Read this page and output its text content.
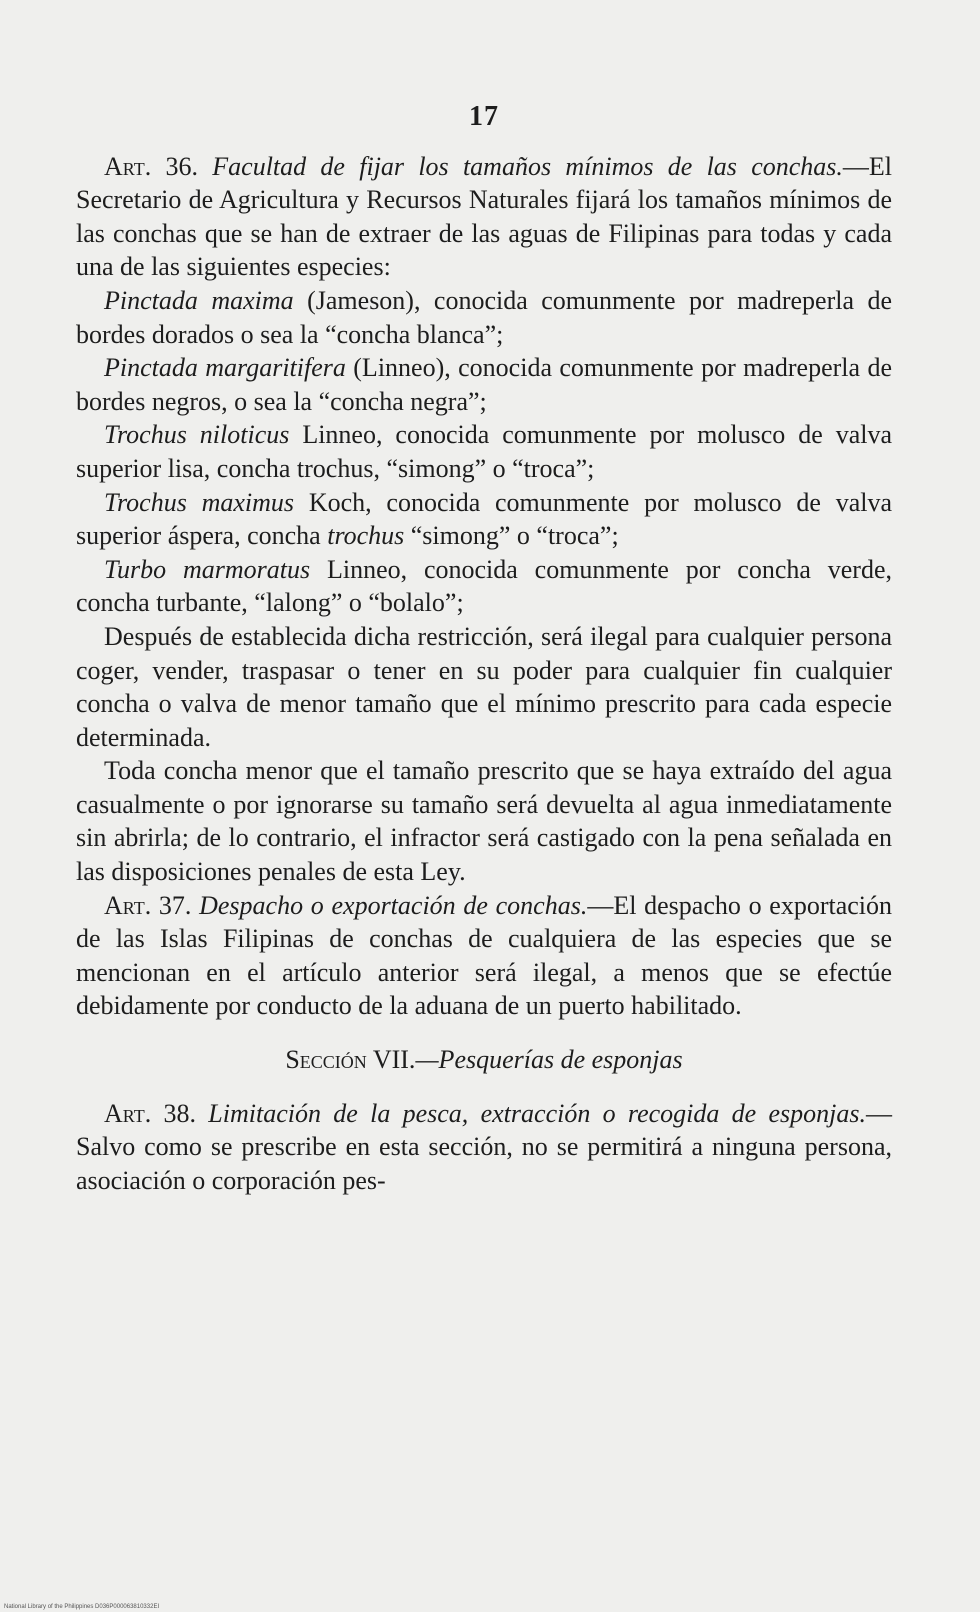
17

Art. 36. Facultad de fijar los tamaños mínimos de las conchas.—El Secretario de Agricultura y Recursos Naturales fijará los tamaños mínimos de las conchas que se han de extraer de las aguas de Filipinas para todas y cada una de las siguientes especies:

Pinctada maxima (Jameson), conocida comunmente por madreperla de bordes dorados o sea la “concha blanca”;

Pinctada margaritifera (Linneo), conocida comunmente por madreperla de bordes negros, o sea la “concha negra”;

Trochus niloticus Linneo, conocida comunmente por molusco de valva superior lisa, concha trochus, “simong” o “troca”;

Trochus maximus Koch, conocida comunmente por molusco de valva superior áspera, concha trochus “simong” o “troca”;

Turbo marmoratus Linneo, conocida comunmente por concha verde, concha turbante, “lalong” o “bolalo”;

Después de establecida dicha restricción, será ilegal para cualquier persona coger, vender, traspasar o tener en su poder para cualquier fin cualquier concha o valva de menor tamaño que el mínimo prescrito para cada especie determinada.

Toda concha menor que el tamaño prescrito que se haya extraído del agua casualmente o por ignorarse su tamaño será devuelta al agua inmediatamente sin abrirla; de lo contrario, el infractor será castigado con la pena señalada en las disposiciones penales de esta Ley.

Art. 37. Despacho o exportación de conchas.—El despacho o exportación de las Islas Filipinas de conchas de cualquiera de las especies que se mencionan en el artículo anterior será ilegal, a menos que se efectúe debidamente por conducto de la aduana de un puerto habilitado.

Sección VII.—Pesquerías de esponjas

Art. 38. Limitación de la pesca, extracción o recogida de esponjas.—Salvo como se prescribe en esta sección, no se permitirá a ninguna persona, asociación o corporación pes-

National Library of the Philippines D036P000063810332EI
